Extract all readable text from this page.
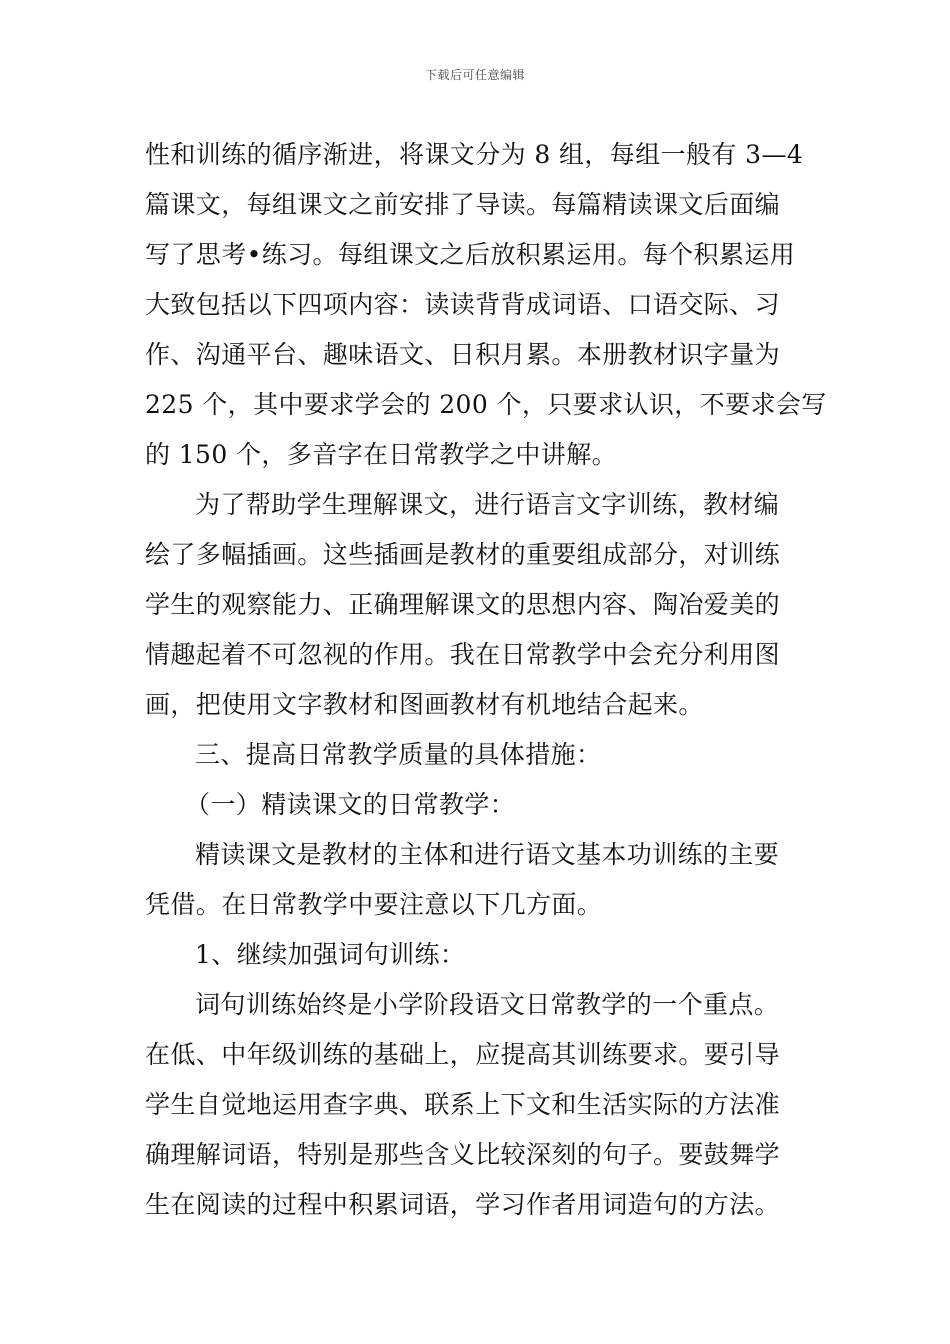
下载后可任意编辑
性和训练的循序渐进，将课文分为 8 组，每组一般有 3—4
篇课文，每组课文之前安排了导读。每篇精读课文后面编
写了思考•练习。每组课文之后放积累运用。每个积累运用
大致包括以下四项内容：读读背背成词语、口语交际、习
作、沟通平台、趣味语文、日积月累。本册教材识字量为
225 个，其中要求学会的 200 个，只要求认识，不要求会写
的 150 个，多音字在日常教学之中讲解。
为了帮助学生理解课文，进行语言文字训练，教材编
绘了多幅插画。这些插画是教材的重要组成部分，对训练
学生的观察能力、正确理解课文的思想内容、陶冶爱美的
情趣起着不可忽视的作用。我在日常教学中会充分利用图
画，把使用文字教材和图画教材有机地结合起来。
三、提高日常教学质量的具体措施：
（一）精读课文的日常教学：
精读课文是教材的主体和进行语文基本功训练的主要
凭借。在日常教学中要注意以下几方面。
1、继续加强词句训练：
词句训练始终是小学阶段语文日常教学的一个重点。
在低、中年级训练的基础上，应提高其训练要求。要引导
学生自觉地运用查字典、联系上下文和生活实际的方法准
确理解词语，特别是那些含义比较深刻的句子。要鼓舞学
生在阅读的过程中积累词语，学习作者用词造句的方法。
